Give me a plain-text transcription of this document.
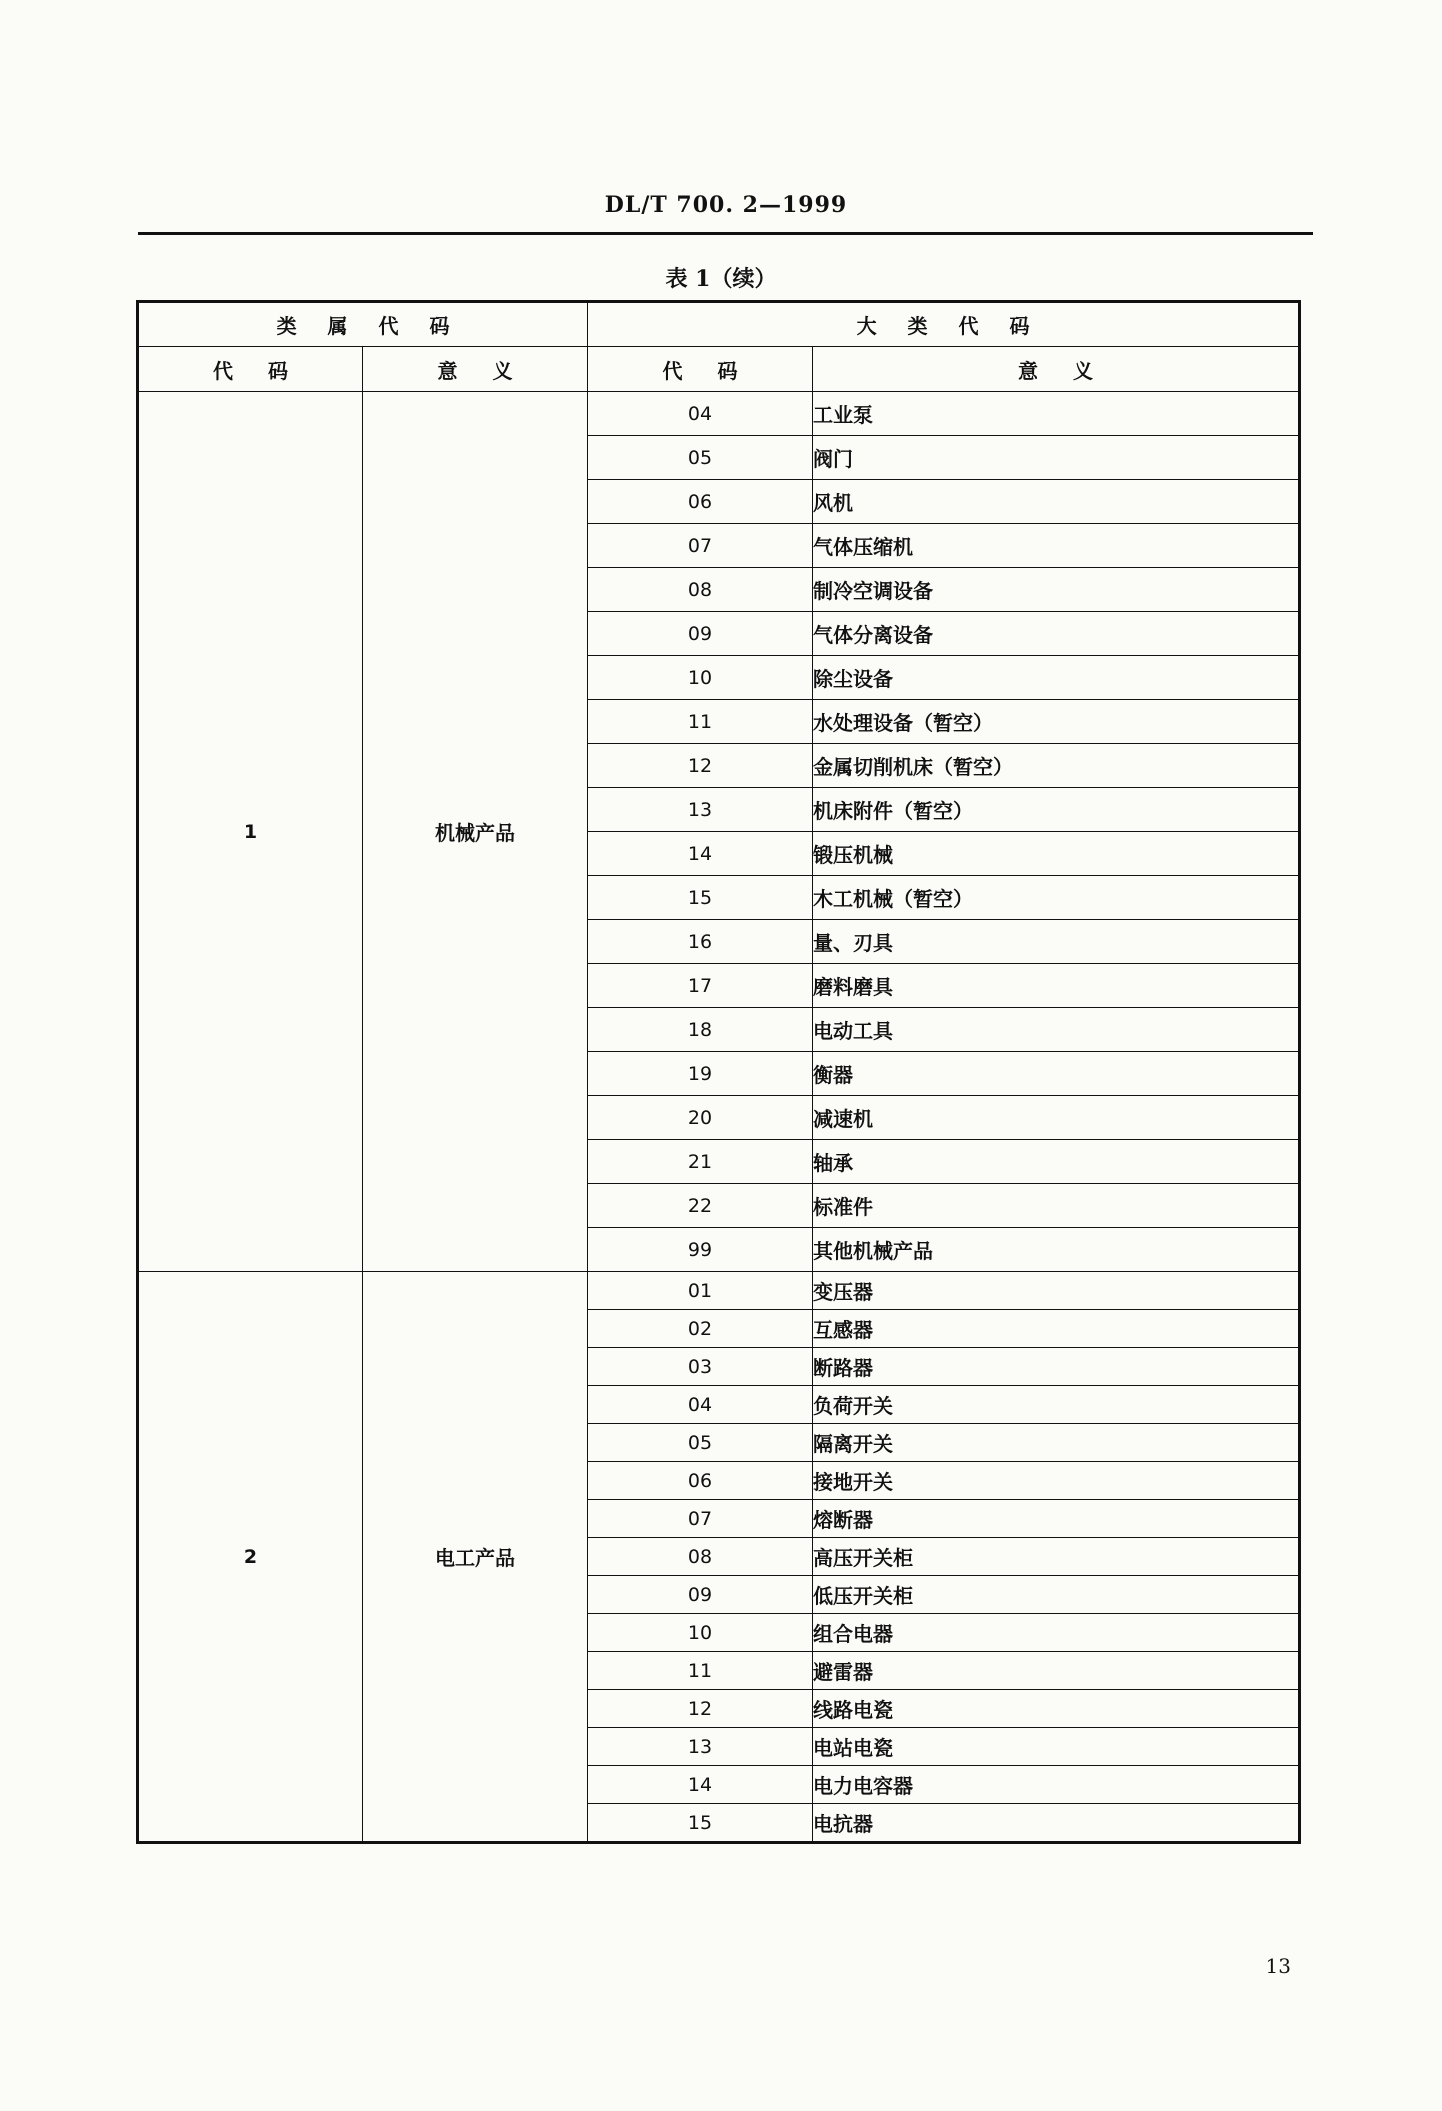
DL/T 700. 2—1999
表 1（续）
类 属 代 码		大 类 代 码	
代 码	意 义	代 码	意 义
1	机械产品	04	工业泵
		05	阀门
		06	风机
		07	气体压缩机
		08	制冷空调设备
		09	气体分离设备
		10	除尘设备
		11	水处理设备（暂空）
		12	金属切削机床（暂空）
		13	机床附件（暂空）
		14	锻压机械
		15	木工机械（暂空）
		16	量、刃具
		17	磨料磨具
		18	电动工具
		19	衡器
		20	减速机
		21	轴承
		22	标准件
		99	其他机械产品
2	电工产品	01	变压器
		02	互感器
		03	断路器
		04	负荷开关
		05	隔离开关
		06	接地开关
		07	熔断器
		08	高压开关柜
		09	低压开关柜
		10	组合电器
		11	避雷器
		12	线路电瓷
		13	电站电瓷
		14	电力电容器
		15	电抗器
13
